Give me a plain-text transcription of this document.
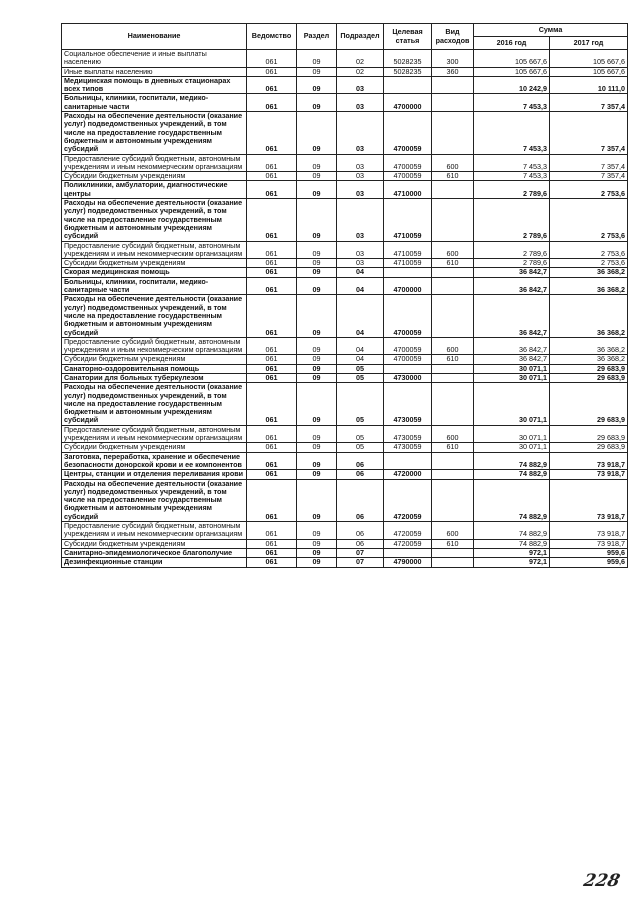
Наименование	Ведомство	Раздел	Подраздел	Целевая статья	Вид расходов	Сумма	
						2016 год	2017 год
Социальное обеспечение и иные выплаты населению	061	09	02	5028235	300	105 667,6	105 667,6
Иные выплаты населению	061	09	02	5028235	360	105 667,6	105 667,6
Медицинская помощь в дневных стационарах всех типов	061	09	03			10 242,9	10 111,0
Больницы, клиники, госпитали, медико-санитарные части	061	09	03	4700000		7 453,3	7 357,4
Расходы на обеспечение деятельности (оказание услуг) подведомственных учреждений, в том числе на предоставление государственным бюджетным и автономным учреждениям субсидий	061	09	03	4700059		7 453,3	7 357,4
Предоставление субсидий бюджетным, автономным учреждениям и иным некоммерческим организациям	061	09	03	4700059	600	7 453,3	7 357,4
Субсидии бюджетным учреждениям	061	09	03	4700059	610	7 453,3	7 357,4
Поликлиники, амбулатории, диагностические центры	061	09	03	4710000		2 789,6	2 753,6
Расходы на обеспечение деятельности (оказание услуг) подведомственных учреждений, в том числе на предоставление государственным бюджетным и автономным учреждениям субсидий	061	09	03	4710059		2 789,6	2 753,6
Предоставление субсидий бюджетным, автономным учреждениям и иным некоммерческим организациям	061	09	03	4710059	600	2 789,6	2 753,6
Субсидии бюджетным учреждениям	061	09	03	4710059	610	2 789,6	2 753,6
Скорая медицинская помощь	061	09	04			36 842,7	36 368,2
Больницы, клиники, госпитали, медико-санитарные части	061	09	04	4700000		36 842,7	36 368,2
Расходы на обеспечение деятельности (оказание услуг) подведомственных учреждений, в том числе на предоставление государственным бюджетным и автономным учреждениям субсидий	061	09	04	4700059		36 842,7	36 368,2
Предоставление субсидий бюджетным, автономным учреждениям и иным некоммерческим организациям	061	09	04	4700059	600	36 842,7	36 368,2
Субсидии бюджетным учреждениям	061	09	04	4700059	610	36 842,7	36 368,2
Санаторно-оздоровительная помощь	061	09	05			30 071,1	29 683,9
Санатории для больных туберкулезом	061	09	05	4730000		30 071,1	29 683,9
Расходы на обеспечение деятельности (оказание услуг) подведомственных учреждений, в том числе на предоставление государственным бюджетным и автономным учреждениям субсидий	061	09	05	4730059		30 071,1	29 683,9
Предоставление субсидий бюджетным, автономным учреждениям и иным некоммерческим организациям	061	09	05	4730059	600	30 071,1	29 683,9
Субсидии бюджетным учреждениям	061	09	05	4730059	610	30 071,1	29 683,9
Заготовка, переработка, хранение и обеспечение безопасности донорской крови и ее компонентов	061	09	06			74 882,9	73 918,7
Центры, станции и отделения переливания крови	061	09	06	4720000		74 882,9	73 918,7
Расходы на обеспечение деятельности (оказание услуг) подведомственных учреждений, в том числе на предоставление государственным бюджетным и автономным учреждениям субсидий	061	09	06	4720059		74 882,9	73 918,7
Предоставление субсидий бюджетным, автономным учреждениям и иным некоммерческим организациям	061	09	06	4720059	600	74 882,9	73 918,7
Субсидии бюджетным учреждениям	061	09	06	4720059	610	74 882,9	73 918,7
Санитарно-эпидемиологическое благополучие	061	09	07			972,1	959,6
Дезинфекционные станции	061	09	07	4790000		972,1	959,6
228
